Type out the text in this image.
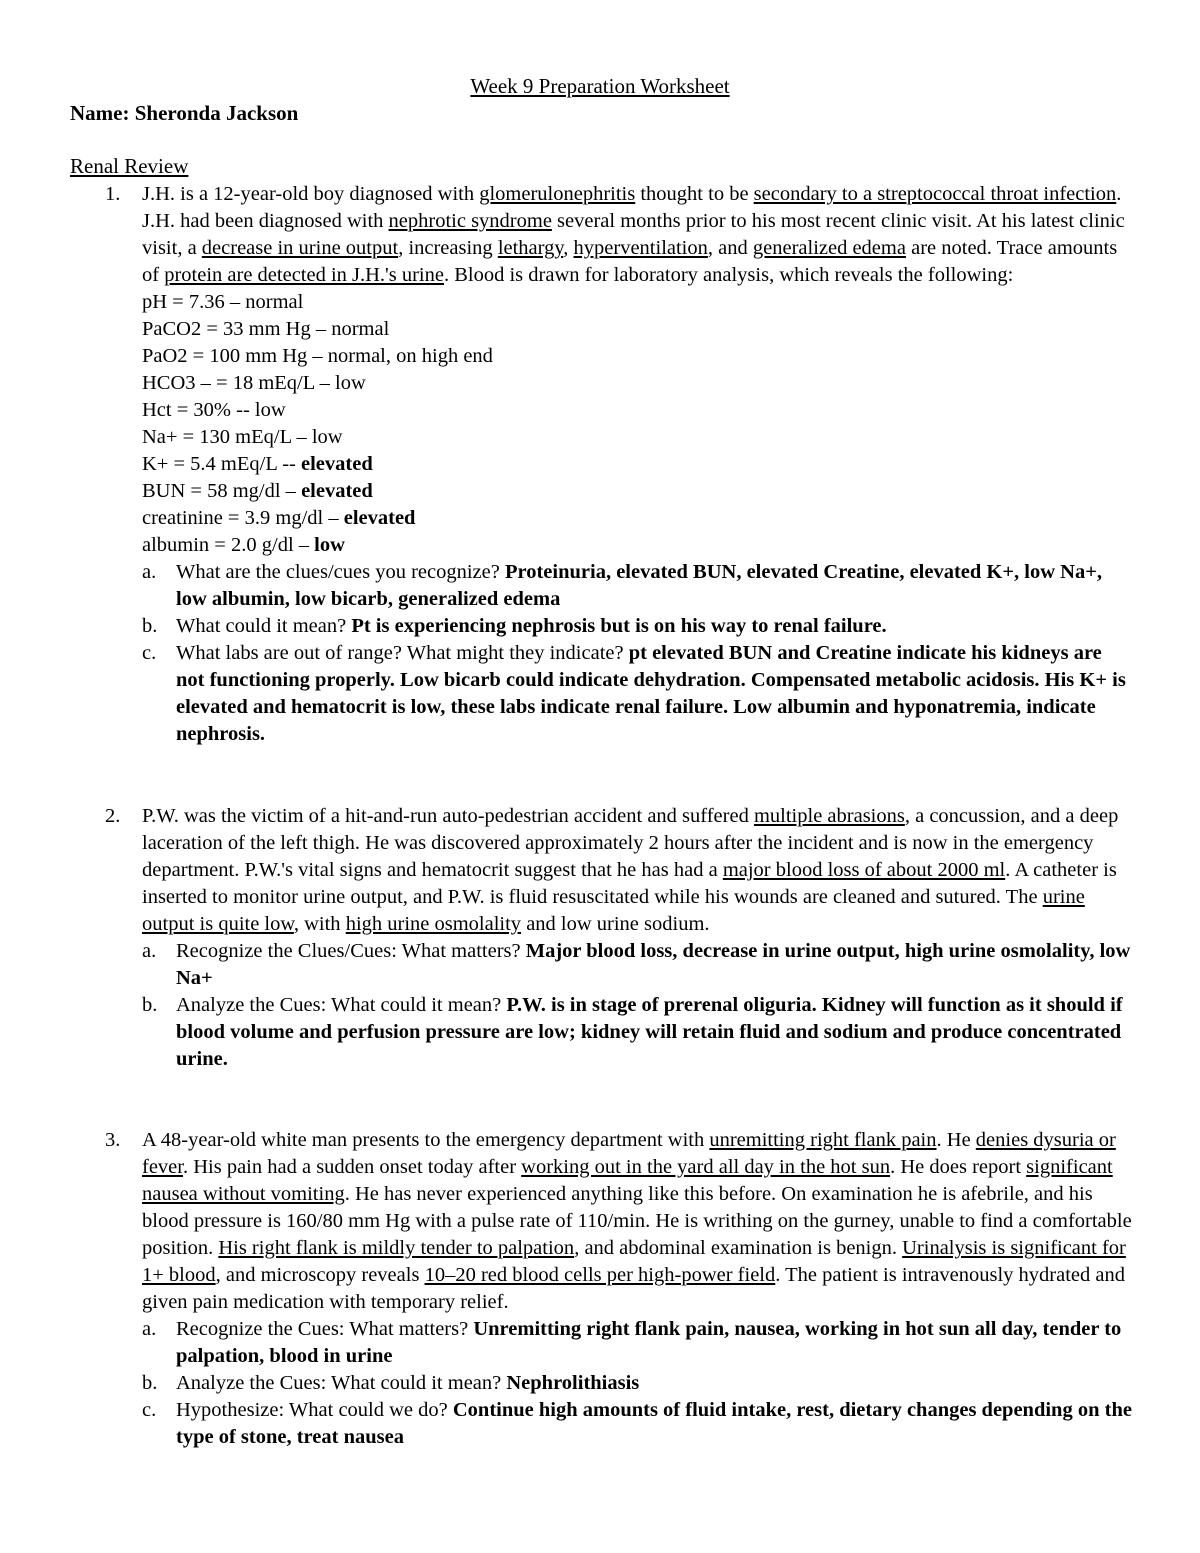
Week 9 Preparation Worksheet
Name: Sheronda Jackson
Renal Review
1. J.H. is a 12-year-old boy diagnosed with glomerulonephritis thought to be secondary to a streptococcal throat infection. J.H. had been diagnosed with nephrotic syndrome several months prior to his most recent clinic visit. At his latest clinic visit, a decrease in urine output, increasing lethargy, hyperventilation, and generalized edema are noted. Trace amounts of protein are detected in J.H.'s urine. Blood is drawn for laboratory analysis, which reveals the following:
pH = 7.36 – normal
PaCO2 = 33 mm Hg – normal
PaO2 = 100 mm Hg – normal, on high end
HCO3 – = 18 mEq/L – low
Hct = 30% -- low
Na+ = 130 mEq/L – low
K+ = 5.4 mEq/L -- elevated
BUN = 58 mg/dl – elevated
creatinine = 3.9 mg/dl – elevated
albumin = 2.0 g/dl – low
a. What are the clues/cues you recognize? Proteinuria, elevated BUN, elevated Creatine, elevated K+, low Na+, low albumin, low bicarb, generalized edema
b. What could it mean? Pt is experiencing nephrosis but is on his way to renal failure.
c. What labs are out of range? What might they indicate? pt elevated BUN and Creatine indicate his kidneys are not functioning properly. Low bicarb could indicate dehydration. Compensated metabolic acidosis. His K+ is elevated and hematocrit is low, these labs indicate renal failure. Low albumin and hyponatremia, indicate nephrosis.
2. P.W. was the victim of a hit-and-run auto-pedestrian accident and suffered multiple abrasions, a concussion, and a deep laceration of the left thigh. He was discovered approximately 2 hours after the incident and is now in the emergency department. P.W.'s vital signs and hematocrit suggest that he has had a major blood loss of about 2000 ml. A catheter is inserted to monitor urine output, and P.W. is fluid resuscitated while his wounds are cleaned and sutured. The urine output is quite low, with high urine osmolality and low urine sodium.
a. Recognize the Clues/Cues: What matters? Major blood loss, decrease in urine output, high urine osmolality, low Na+
b. Analyze the Cues: What could it mean? P.W. is in stage of prerenal oliguria. Kidney will function as it should if blood volume and perfusion pressure are low; kidney will retain fluid and sodium and produce concentrated urine.
3. A 48-year-old white man presents to the emergency department with unremitting right flank pain. He denies dysuria or fever. His pain had a sudden onset today after working out in the yard all day in the hot sun. He does report significant nausea without vomiting. He has never experienced anything like this before. On examination he is afebrile, and his blood pressure is 160/80 mm Hg with a pulse rate of 110/min. He is writhing on the gurney, unable to find a comfortable position. His right flank is mildly tender to palpation, and abdominal examination is benign. Urinalysis is significant for 1+ blood, and microscopy reveals 10–20 red blood cells per high-power field. The patient is intravenously hydrated and given pain medication with temporary relief.
a. Recognize the Cues: What matters? Unremitting right flank pain, nausea, working in hot sun all day, tender to palpation, blood in urine
b. Analyze the Cues: What could it mean? Nephrolithiasis
c. Hypothesize: What could we do? Continue high amounts of fluid intake, rest, dietary changes depending on the type of stone, treat nausea
